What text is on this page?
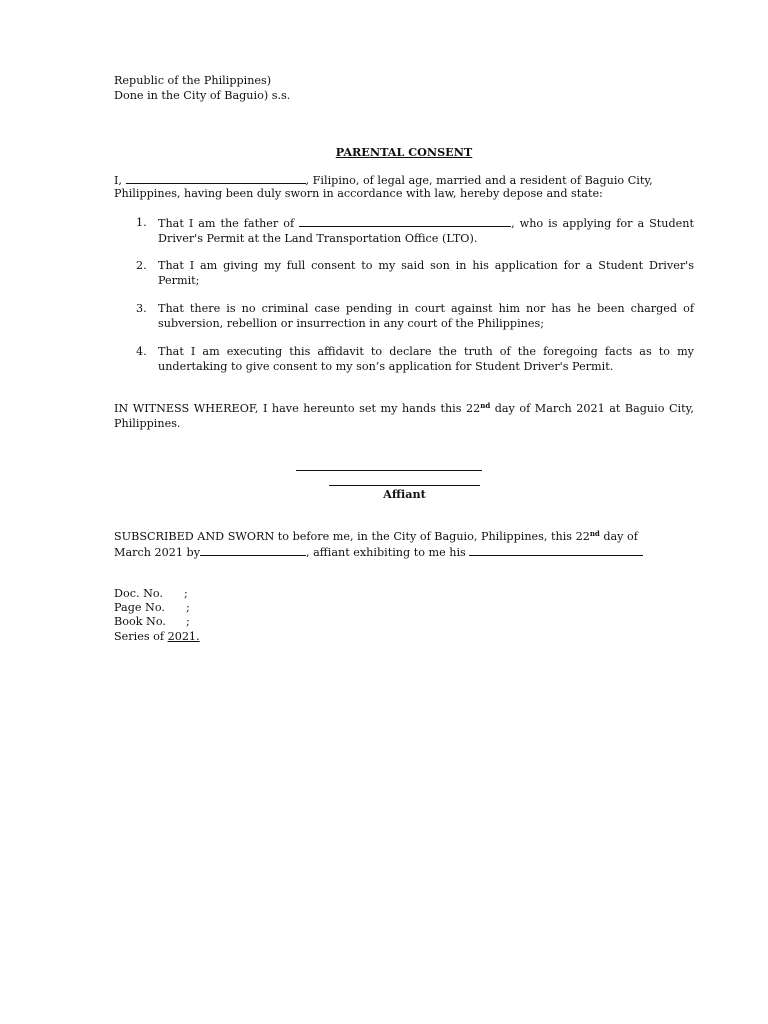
Republic of the Philippines)
Done in the City of Baguio) s.s.
PARENTAL CONSENT
I,	, Filipino, of legal age, married and a resident of Baguio City,
Philippines, having been duly sworn in accordance with law, hereby depose and state:
1.	That I am the father of	, who is applying for a Student Driver's Permit at the Land Transportation Office (LTO).
2.	That I am giving my full consent to my said son in his application for a Student Driver's Permit;
3.	That there is no criminal case pending in court against him nor has he been charged of subversion, rebellion or insurrection in any court of the Philippines;
4.	That I am executing this affidavit to declare the truth of the foregoing facts as to my undertaking to give consent to my son’s application for Student Driver's Permit.
IN WITNESS WHEREOF, I have hereunto set my hands this 22nd day of March 2021 at Baguio City, Philippines.
Affiant
SUBSCRIBED AND SWORN to before me, in the City of Baguio, Philippines, this 22nd day of
March 2021 by	, affiant exhibiting to me his
Doc. No. ;
Page No. ;
Book No. ;
Series of 2021.
